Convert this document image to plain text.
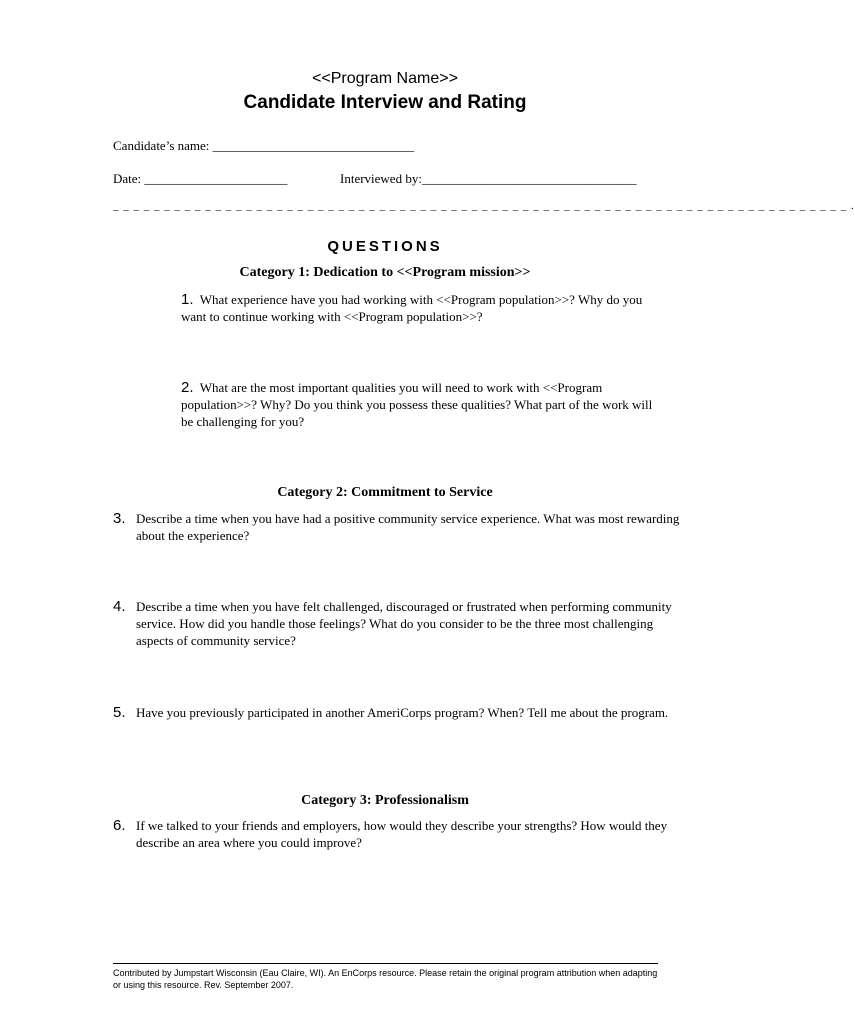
<<Program Name>>
Candidate Interview and Rating
Candidate’s name: _______________________________
Date: ______________________	Interviewed by:_________________________________
_ _ _ _ _ _ _ _ _ _ _ _ _ _ _ _ _ _ _ _ _ _ _ _ _ _ _ _ _ _ _ _ _ _ _ _ _ _ _ _ _ _ _ _ _ _ _ _ _ _ _ _ _ _ _ _ _ _ _ _ _ _ _ _ _ _ _ _ _ _ _ _ .
QUESTIONS
Category 1: Dedication to <<Program mission>>
1. What experience have you had working with <<Program population>>? Why do you want to continue working with <<Program population>>?
2. What are the most important qualities you will need to work with <<Program population>>? Why? Do you think you possess these qualities? What part of the work will be challenging for you?
Category 2: Commitment to Service
3. Describe a time when you have had a positive community service experience. What was most rewarding about the experience?
4. Describe a time when you have felt challenged, discouraged or frustrated when performing community service. How did you handle those feelings? What do you consider to be the three most challenging aspects of community service?
5. Have you previously participated in another AmeriCorps program? When? Tell me about the program.
Category 3: Professionalism
6. If we talked to your friends and employers, how would they describe your strengths? How would they describe an area where you could improve?
Contributed by Jumpstart Wisconsin (Eau Claire, WI). An EnCorps resource. Please retain the original program attribution when adapting or using this resource. Rev. September 2007.
